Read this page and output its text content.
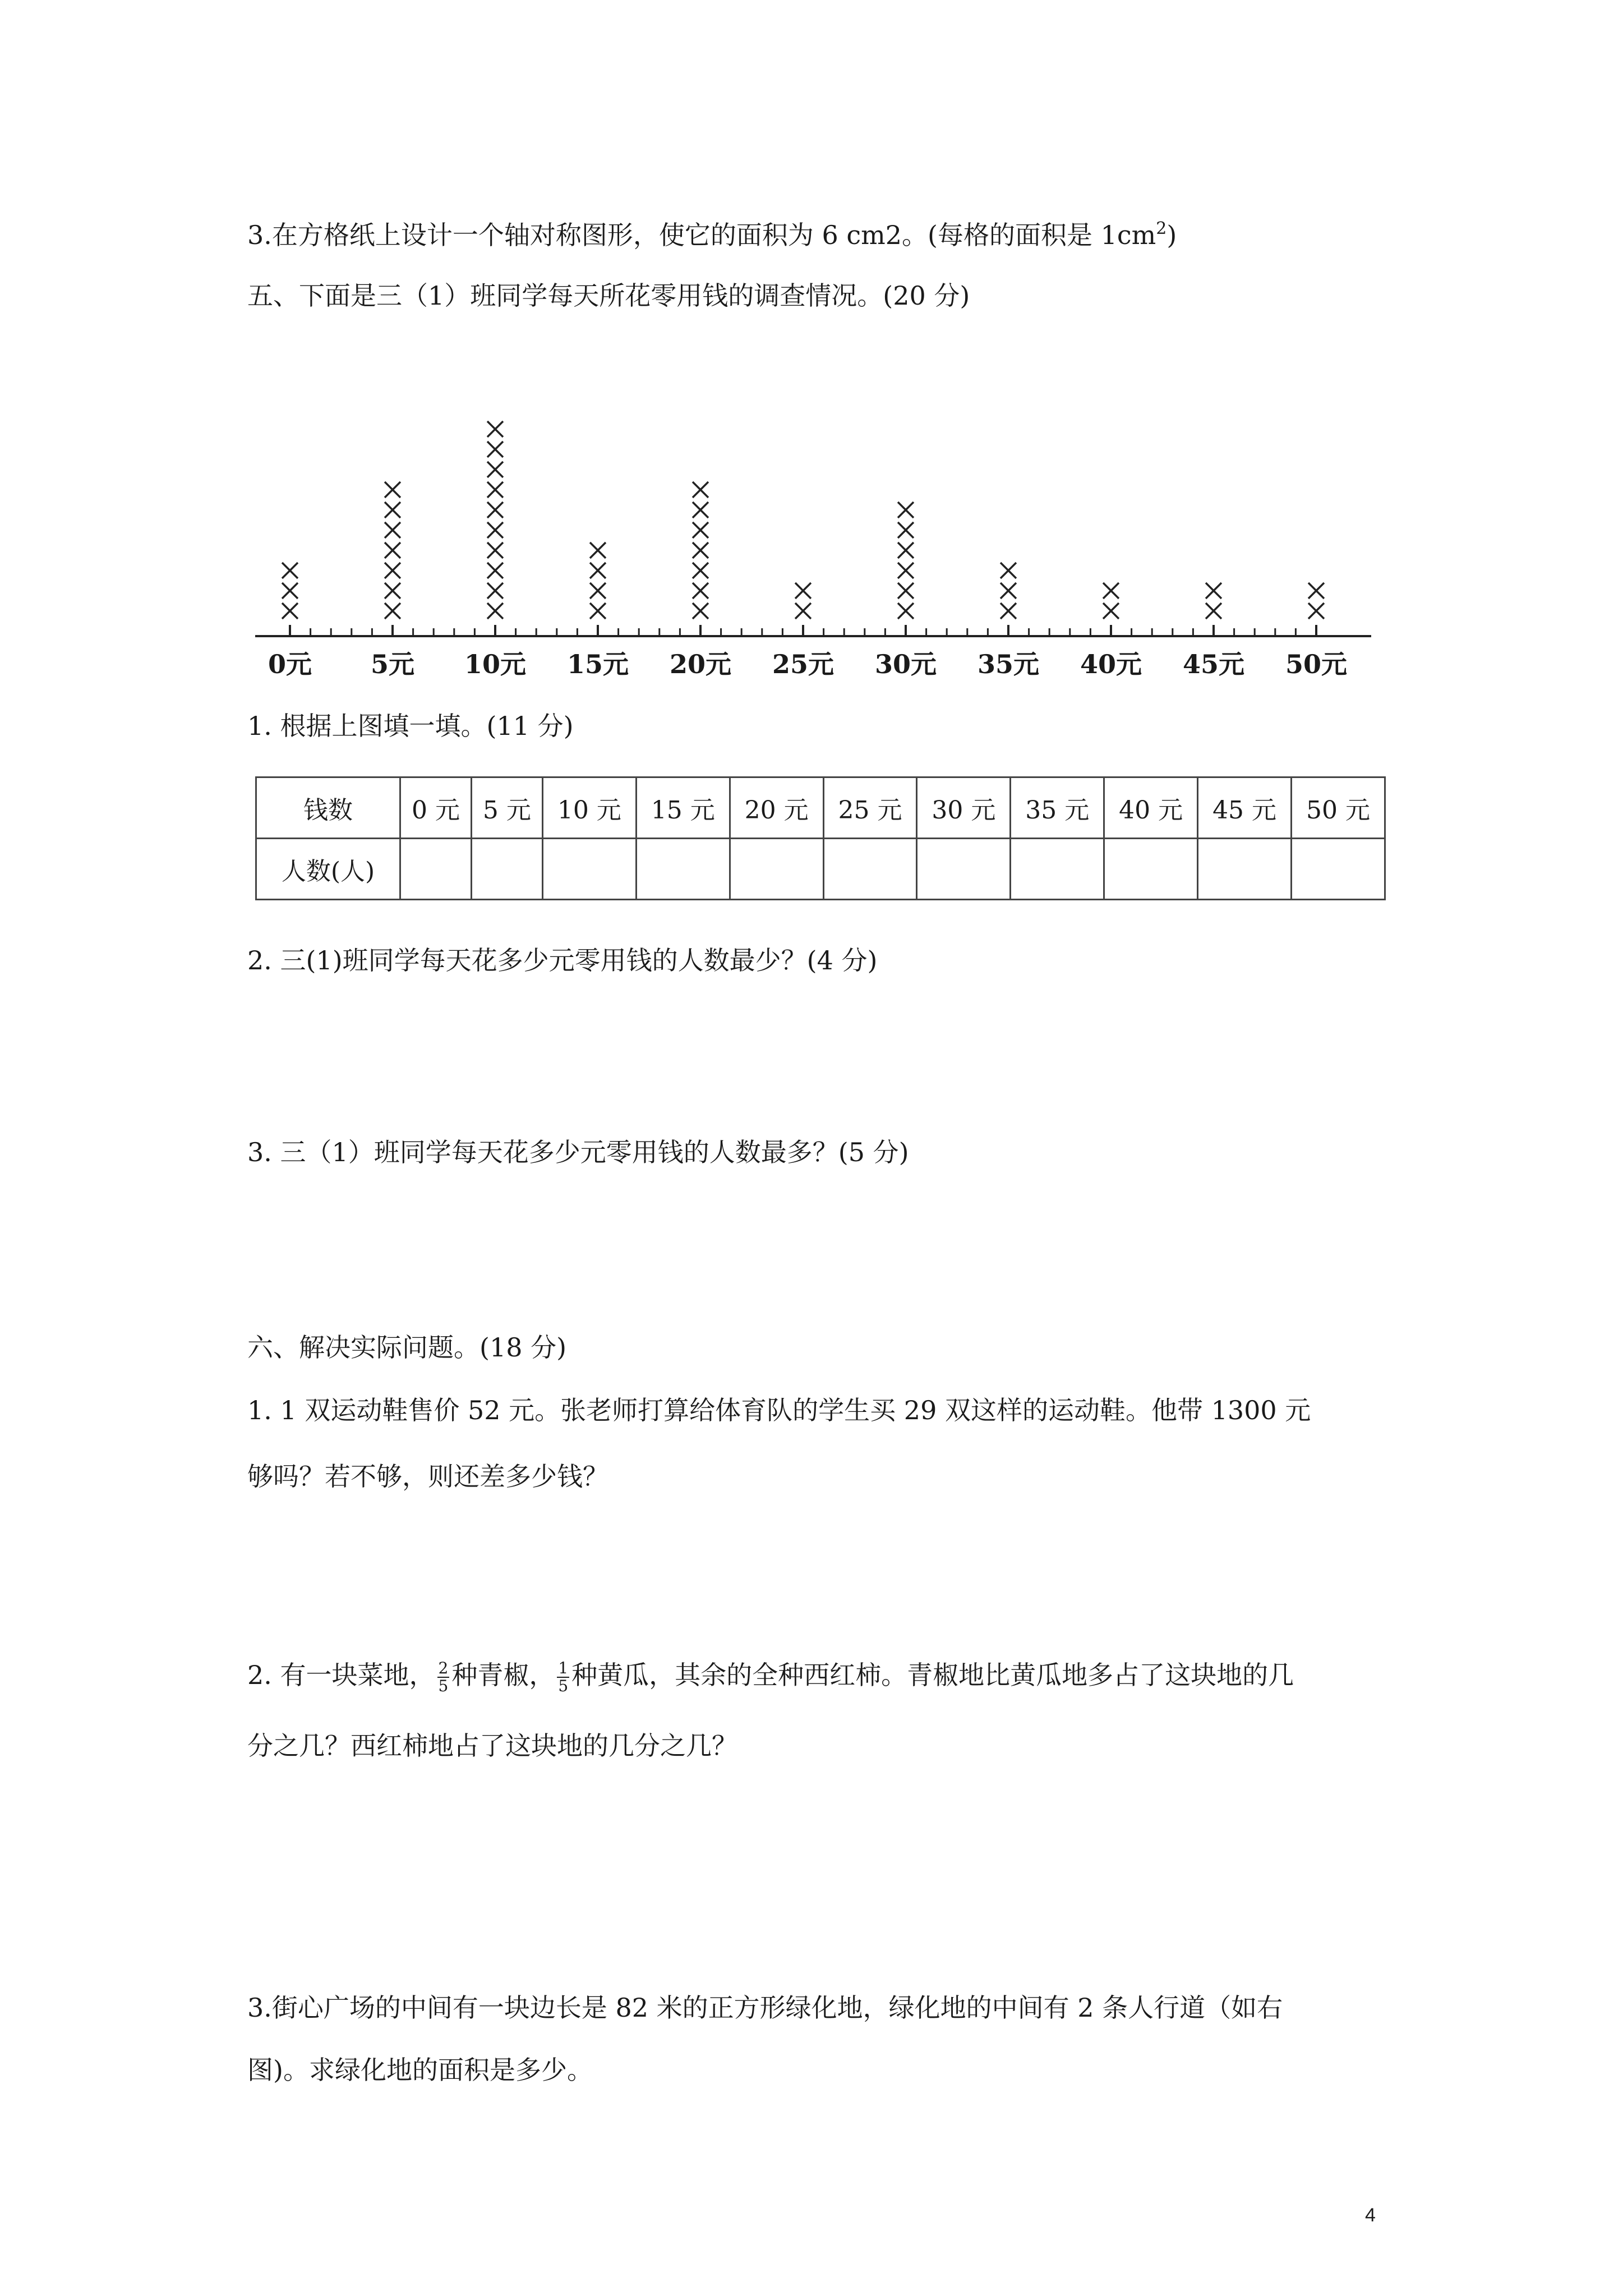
3.在方格纸上设计一个轴对称图形，使它的面积为 6 cm2。(每格的面积是 $1cm^2$)
五、下面是三（1）班同学每天所花零用钱的调查情况。(20 分)
0元 5元 10元 15元 20元 25元 30元 35元 40元 45元 50元
1. 根据上图填一填。(11 分)
钱数	0 元	5 元	10 元	15 元	20 元	25 元	30 元	35 元	40 元	45 元	50 元
人数(人)											
2. 三(1)班同学每天花多少元零用钱的人数最少？(4 分)
3. 三（1）班同学每天花多少元零用钱的人数最多？(5 分)
六、解决实际问题。(18 分)
1. 1 双运动鞋售价 52 元。张老师打算给体育队的学生买 29 双这样的运动鞋。他带 1300 元
够吗？若不够，则还差多少钱？
2. 有一块菜地， $\frac{2}{5}$ 种青椒， $\frac{1}{5}$ 种黄瓜，其余的全种西红柿。青椒地比黄瓜地多占了这块地的几
分之几？西红柿地占了这块地的几分之几？
3.街心广场的中间有一块边长是 82 米的正方形绿化地，绿化地的中间有 2 条人行道（如右
图)。求绿化地的面积是多少。
4
